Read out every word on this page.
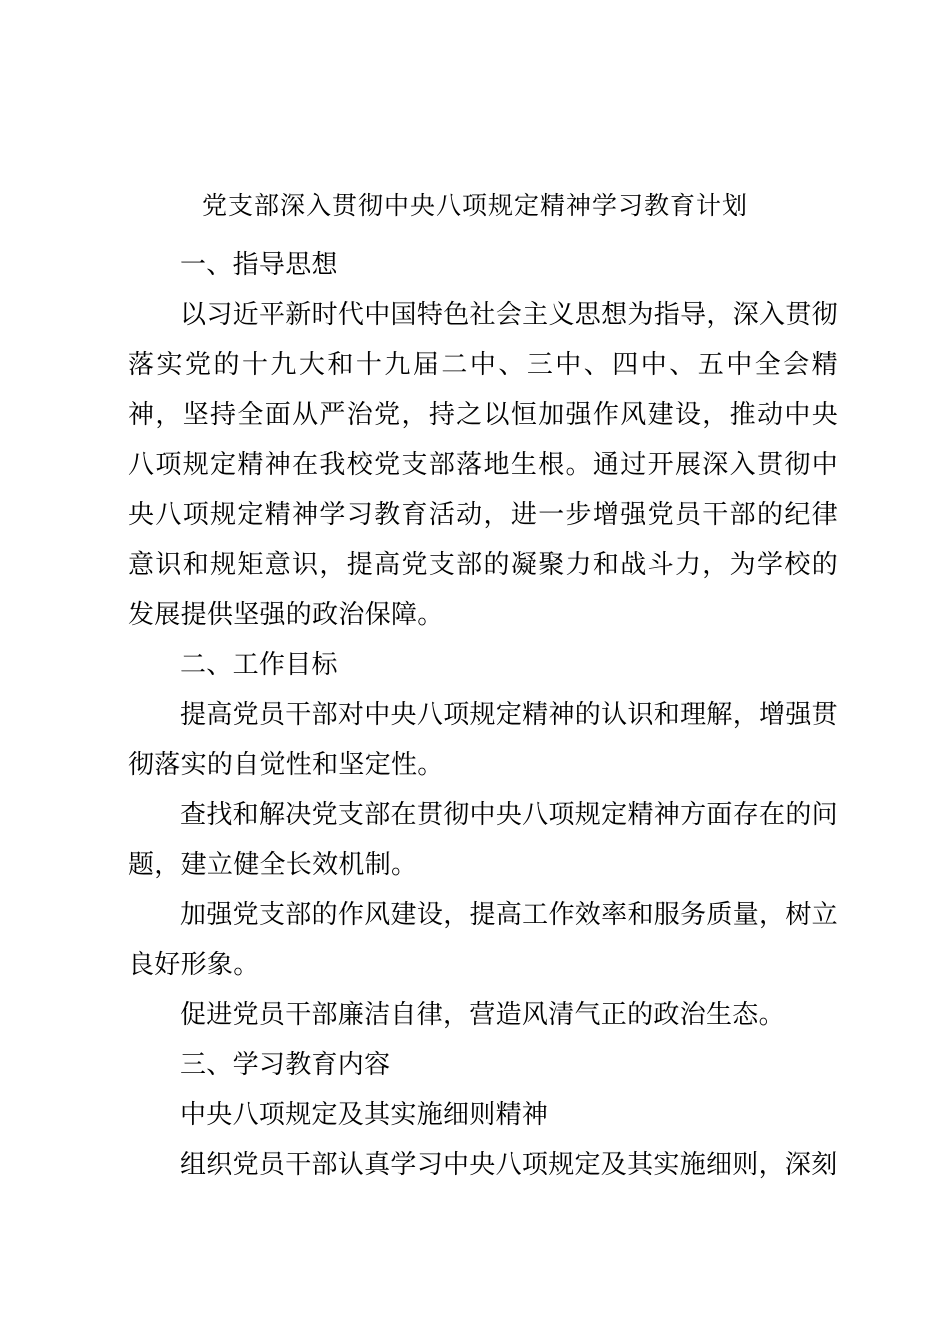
党支部深入贯彻中央八项规定精神学习教育计划

一、指导思想

以习近平新时代中国特色社会主义思想为指导，深入贯彻落实党的十九大和十九届二中、三中、四中、五中全会精神，坚持全面从严治党，持之以恒加强作风建设，推动中央八项规定精神在我校党支部落地生根。通过开展深入贯彻中央八项规定精神学习教育活动，进一步增强党员干部的纪律意识和规矩意识，提高党支部的凝聚力和战斗力，为学校的发展提供坚强的政治保障。

二、工作目标

提高党员干部对中央八项规定精神的认识和理解，增强贯彻落实的自觉性和坚定性。

查找和解决党支部在贯彻中央八项规定精神方面存在的问题，建立健全长效机制。

加强党支部的作风建设，提高工作效率和服务质量，树立良好形象。

促进党员干部廉洁自律，营造风清气正的政治生态。

三、学习教育内容

中央八项规定及其实施细则精神

组织党员干部认真学习中央八项规定及其实施细则，深刻
